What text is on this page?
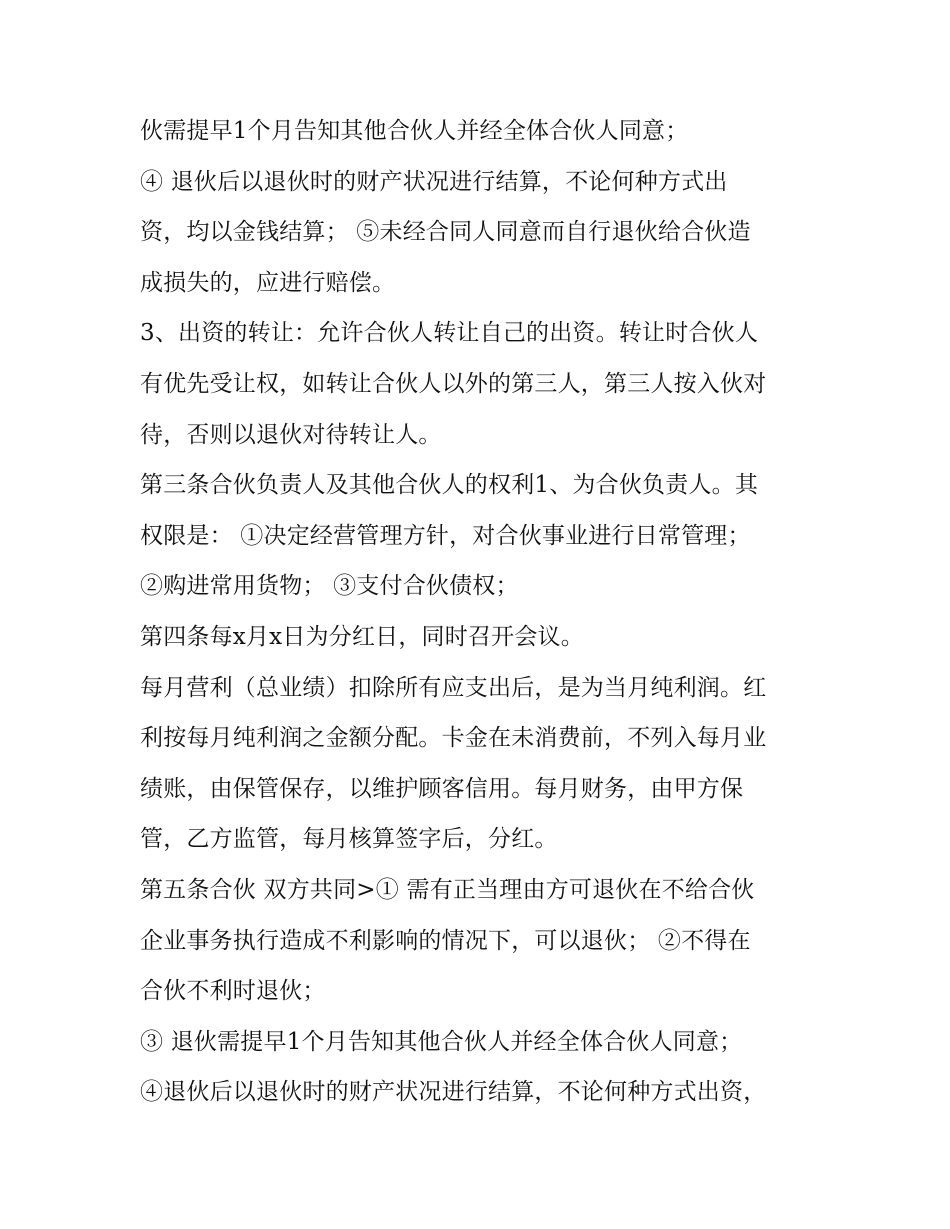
伙需提早1个月告知其他合伙人并经全体合伙人同意；
④ 退伙后以退伙时的财产状况进行结算，不论何种方式出
资，均以金钱结算； ⑤未经合同人同意而自行退伙给合伙造
成损失的，应进行赔偿。
3、出资的转让：允许合伙人转让自己的出资。转让时合伙人
有优先受让权，如转让合伙人以外的第三人，第三人按入伙对
待，否则以退伙对待转让人。
第三条合伙负责人及其他合伙人的权利1、为合伙负责人。其
权限是： ①决定经营管理方针，对合伙事业进行日常管理；
②购进常用货物； ③支付合伙债权；
第四条每x月x日为分红日，同时召开会议。
每月营利（总业绩）扣除所有应支出后，是为当月纯利润。红
利按每月纯利润之金额分配。卡金在未消费前，不列入每月业
绩账，由保管保存，以维护顾客信用。每月财务，由甲方保
管，乙方监管，每月核算签字后，分红。
第五条合伙 双方共同>① 需有正当理由方可退伙在不给合伙
企业事务执行造成不利影响的情况下，可以退伙； ②不得在
合伙不利时退伙；
③ 退伙需提早1个月告知其他合伙人并经全体合伙人同意；
④退伙后以退伙时的财产状况进行结算，不论何种方式出资，
